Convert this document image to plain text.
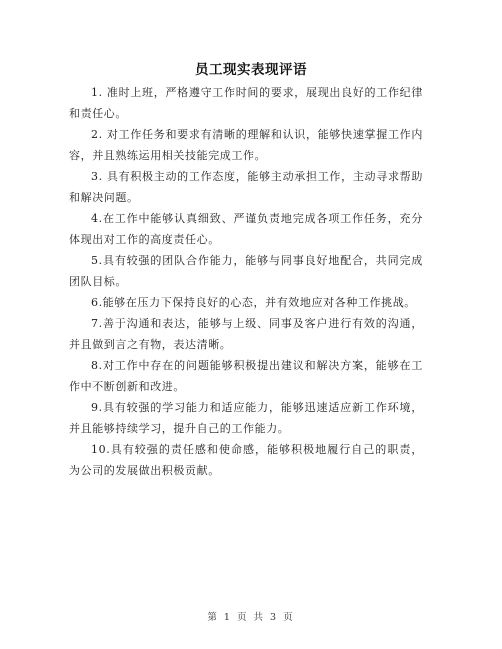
员工现实表现评语

1. 准时上班，严格遵守工作时间的要求，展现出良好的工作纪律和责任心。

2. 对工作任务和要求有清晰的理解和认识，能够快速掌握工作内容，并且熟练运用相关技能完成工作。

3. 具有积极主动的工作态度，能够主动承担工作，主动寻求帮助和解决问题。

4.在工作中能够认真细致、严谨负责地完成各项工作任务，充分体现出对工作的高度责任心。

5.具有较强的团队合作能力，能够与同事良好地配合，共同完成团队目标。

6.能够在压力下保持良好的心态，并有效地应对各种工作挑战。

7.善于沟通和表达，能够与上级、同事及客户进行有效的沟通，并且做到言之有物，表达清晰。

8.对工作中存在的问题能够积极提出建议和解决方案，能够在工作中不断创新和改进。

9.具有较强的学习能力和适应能力，能够迅速适应新工作环境，并且能够持续学习，提升自己的工作能力。

10.具有较强的责任感和使命感，能够积极地履行自己的职责，为公司的发展做出积极贡献。

第 1 页 共 3 页
